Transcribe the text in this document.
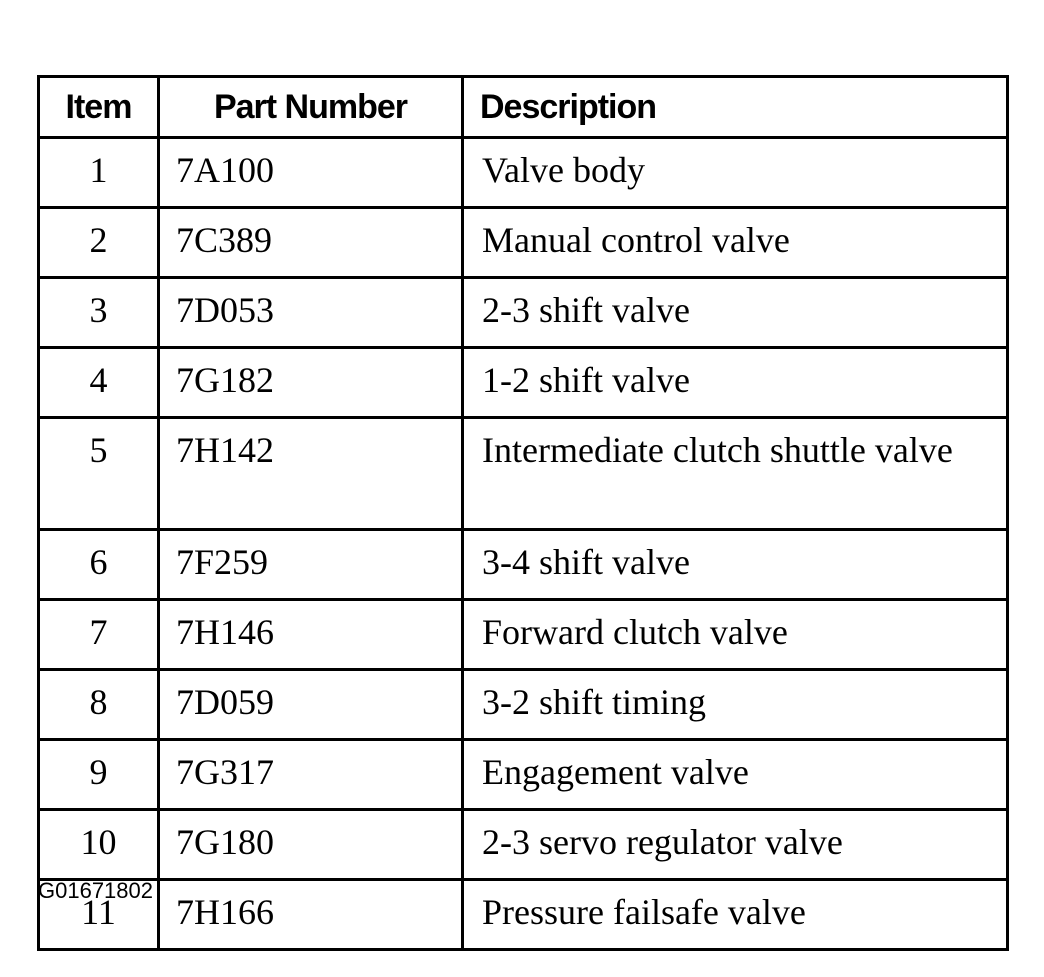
Item	Part Number	Description
1	7A100	Valve body
2	7C389	Manual control valve
3	7D053	2-3 shift valve
4	7G182	1-2 shift valve
5	7H142	Intermediate clutch shuttle valve
6	7F259	3-4 shift valve
7	7H146	Forward clutch valve
8	7D059	3-2 shift timing
9	7G317	Engagement valve
10	7G180	2-3 servo regulator valve
11	7H166	Pressure failsafe valve
G01671802
